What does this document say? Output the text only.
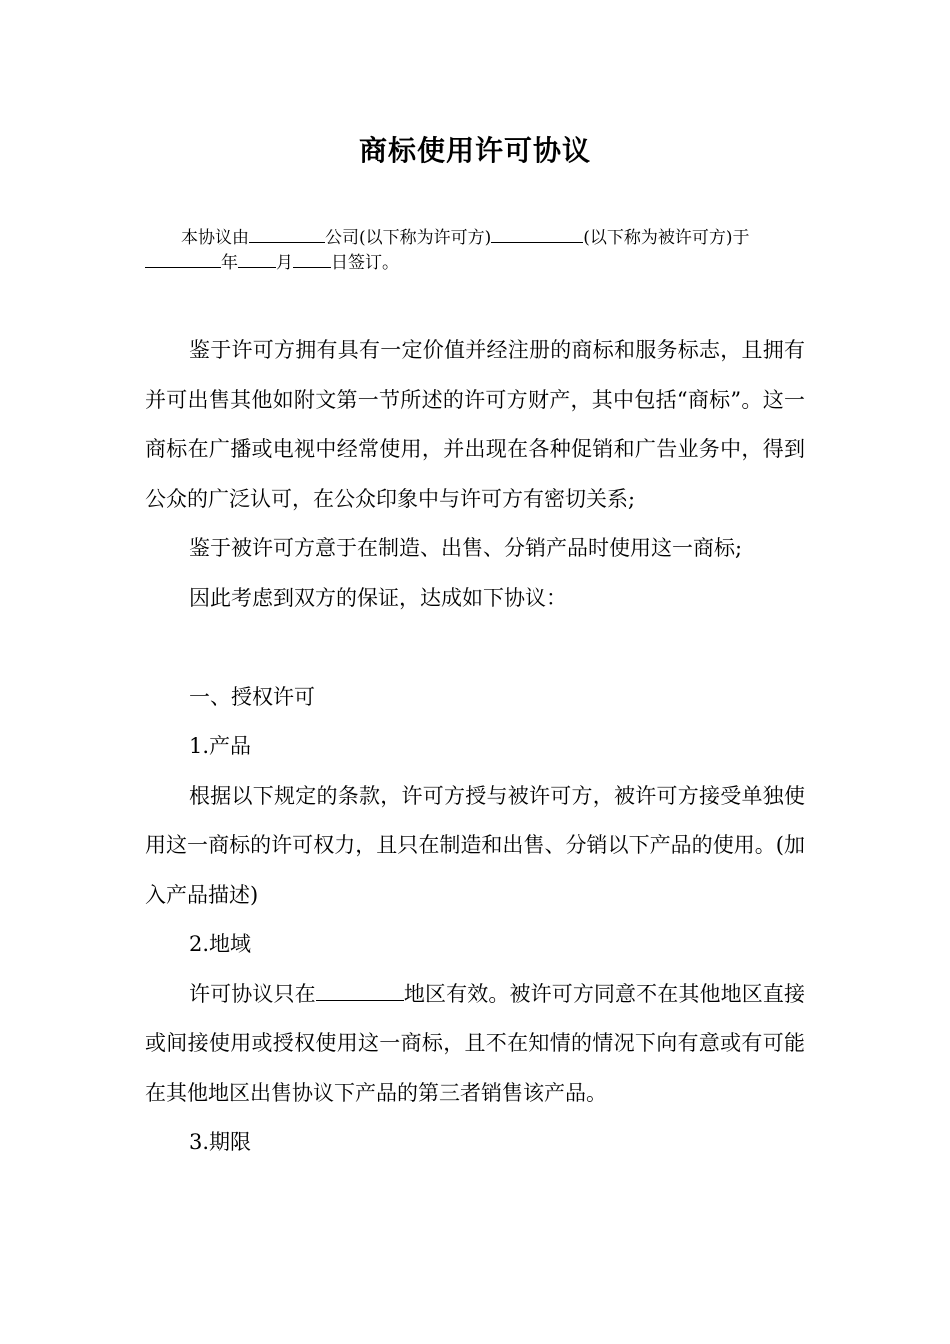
商标使用许可协议

本协议由	公司(以下称为许可方)	(以下称为被许可方)于年 月 日签订。

鉴于许可方拥有具有一定价值并经注册的商标和服务标志，且拥有并可出售其他如附文第一节所述的许可方财产，其中包括“商标”。这一商标在广播或电视中经常使用，并出现在各种促销和广告业务中，得到公众的广泛认可，在公众印象中与许可方有密切关系;

鉴于被许可方意于在制造、出售、分销产品时使用这一商标;

因此考虑到双方的保证，达成如下协议：

一、授权许可

1.产品

根据以下规定的条款，许可方授与被许可方，被许可方接受单独使用这一商标的许可权力，且只在制造和出售、分销以下产品的使用。(加入产品描述)

2.地域

许可协议只在	地区有效。被许可方同意不在其他地区直接或间接使用或授权使用这一商标，且不在知情的情况下向有意或有可能在其他地区出售协议下产品的第三者销售该产品。

3.期限
